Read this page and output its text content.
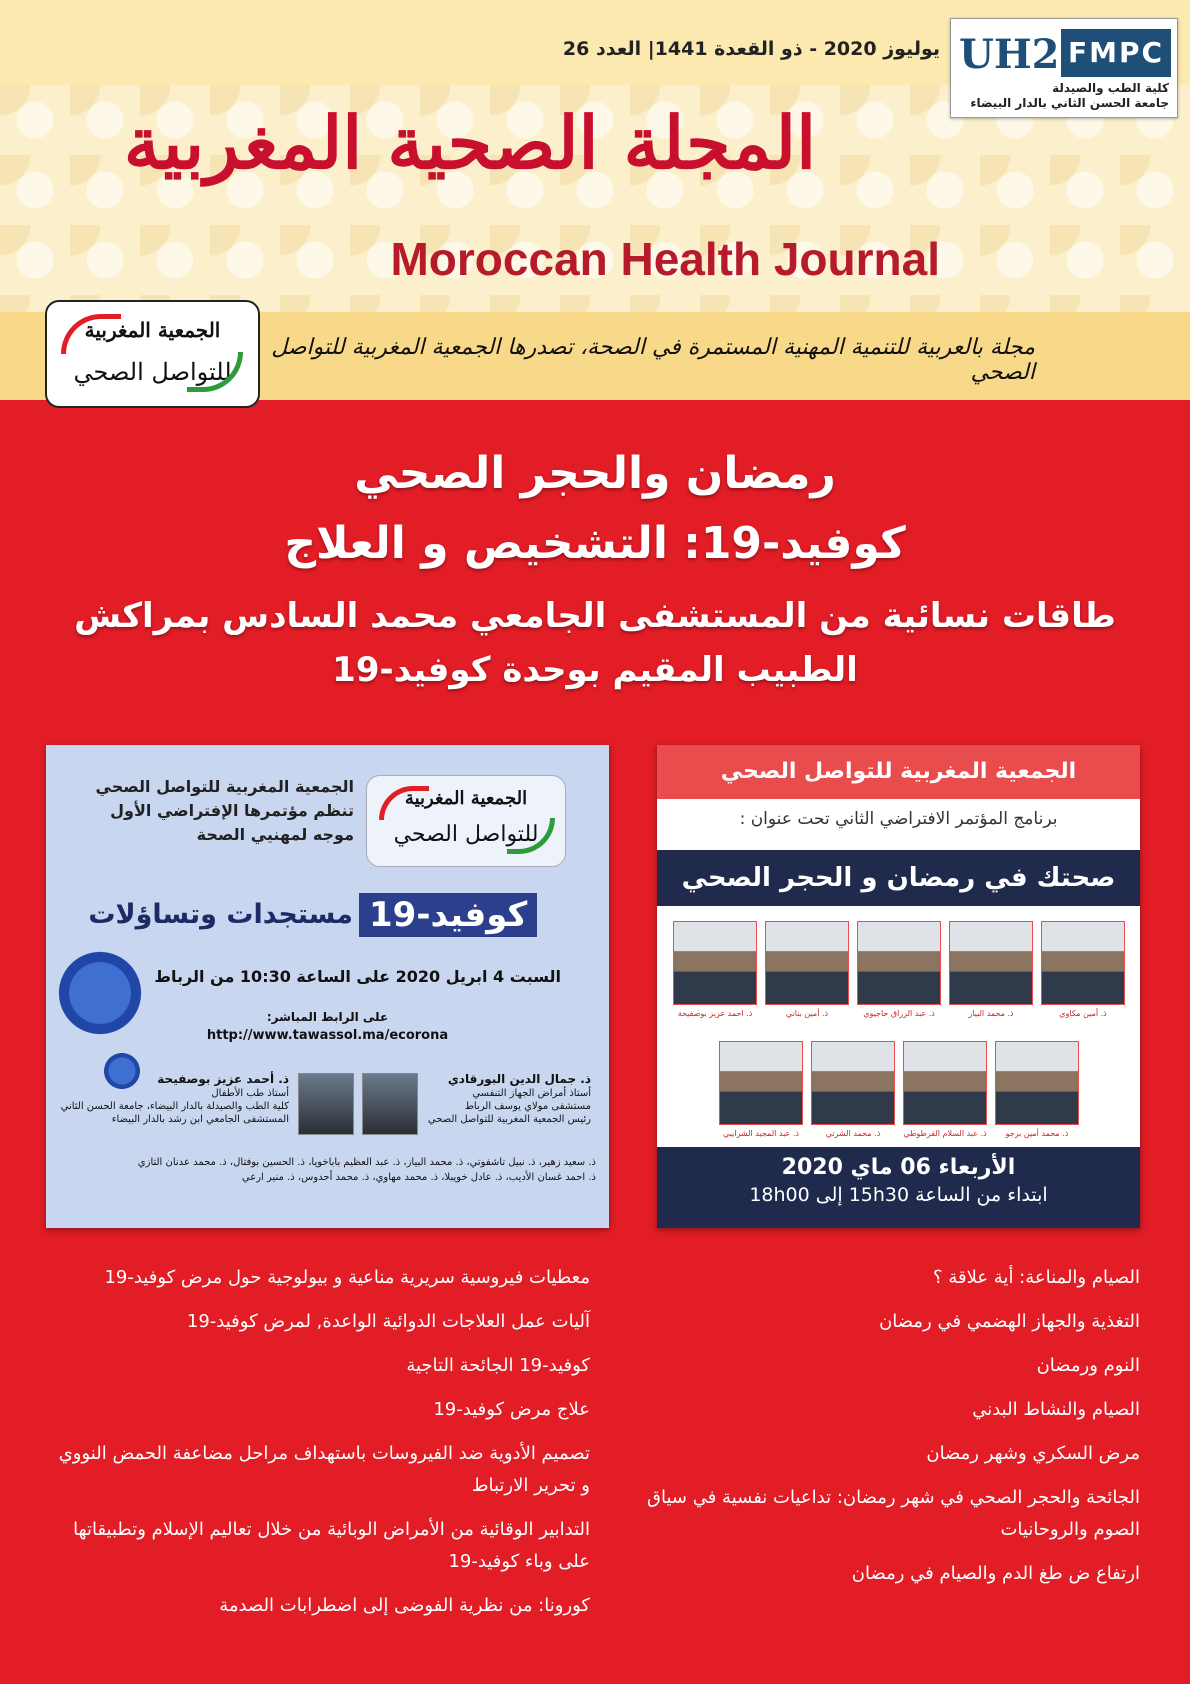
يوليوز 2020 - ذو القعدة 1441| العدد 26 UH2 FMPC
كلية الطب والصيدلة
جامعة الحسن الثاني بالدار البيضاء
المجلة الصحية المغربية
Moroccan Health Journal
الجمعية المغربية
للتواصل الصحي
مجلة بالعربية للتنمية المهنية المستمرة في الصحة، تصدرها الجمعية المغربية للتواصل الصحي
رمضان والحجر الصحي
كوفيد-19: التشخيص و العلاج
طاقات نسائية من المستشفى الجامعي محمد السادس بمراكش
الطبيب المقيم بوحدة كوفيد-19
الجمعية المغربية للتواصل الصحي
تنظم مؤتمرها الإفتراضي الأول
موجه لمهنيي الصحة
الجمعية المغربية
للتواصل الصحي
كوفيد-19
مستجدات وتساؤلات
السبت 4 ابريل 2020 على الساعة 10:30 من الرباط
على الرابط المباشر:
http://www.tawassol.ma/ecorona
ذ. جمال الدين البورقادي
أستاذ أمراض الجهاز التنفسي
مستشفى مولاي يوسف الرباط
رئيس الجمعية المغربية للتواصل الصحي
ذ. أحمد عزيز بوصفيحة
أستاذ طب الأطفال
كلية الطب والصيدلة بالدار البيضاء، جامعة الحسن الثاني
المستشفى الجامعي ابن رشد بالدار البيضاء
ذ. سعيد زهير، ذ. نبيل تاشفوتي، ذ. محمد البياز، ذ. عبد العظيم باباخويا، ذ. الحسين بوفتال، ذ. محمد عدنان التازي
ذ. احمد غسان الأديب، ذ. عادل خويبلا، ذ. محمد مهاوي، ذ. محمد أحدوس، ذ. منير ارعي
الجمعية المغربية للتواصل الصحي
برنامج المؤتمر الافتراضي الثاني تحت عنوان :
صحتك في رمضان و الحجر الصحي
ذ. أمين مكاوي
ذ. محمد البياز
ذ. عبد الرزاق حاجيوي
ذ. أمين بناني
ذ. احمد عزيز بوصفيحة
ذ. محمد أمين برجو
ذ. عبد السلام القرطوطي
ذ. محمد الشرتي
ذ. عبد المجيد الشرايبي
الأربعاء 06 ماي 2020
ابتداء من الساعة 15h30 إلى 18h00
معطيات فيروسية سريرية مناعية و بيولوجية حول مرض كوفيد-19
آليات عمل العلاجات الدوائية الواعدة, لمرض كوفيد-19
كوفيد-19 الجائحة التاجية
علاج مرض كوفيد-19
تصميم الأدوية ضد الفيروسات باستهداف مراحل مضاعفة الحمض النووي و تحرير الارتباط
التدابير الوقائية من الأمراض الوبائية من خلال تعاليم الإسلام وتطبيقاتها على وباء كوفيد-19
كورونا: من نظرية الفوضى إلى اضطرابات الصدمة
الصيام والمناعة: أية علاقة ؟
التغذية والجهاز الهضمي في رمضان
النوم ورمضان
الصيام والنشاط البدني
مرض السكري وشهر رمضان
الجائحة والحجر الصحي في شهر رمضان: تداعيات نفسية في سياق الصوم والروحانيات
ارتفاع ض طغ الدم والصيام في رمضان
